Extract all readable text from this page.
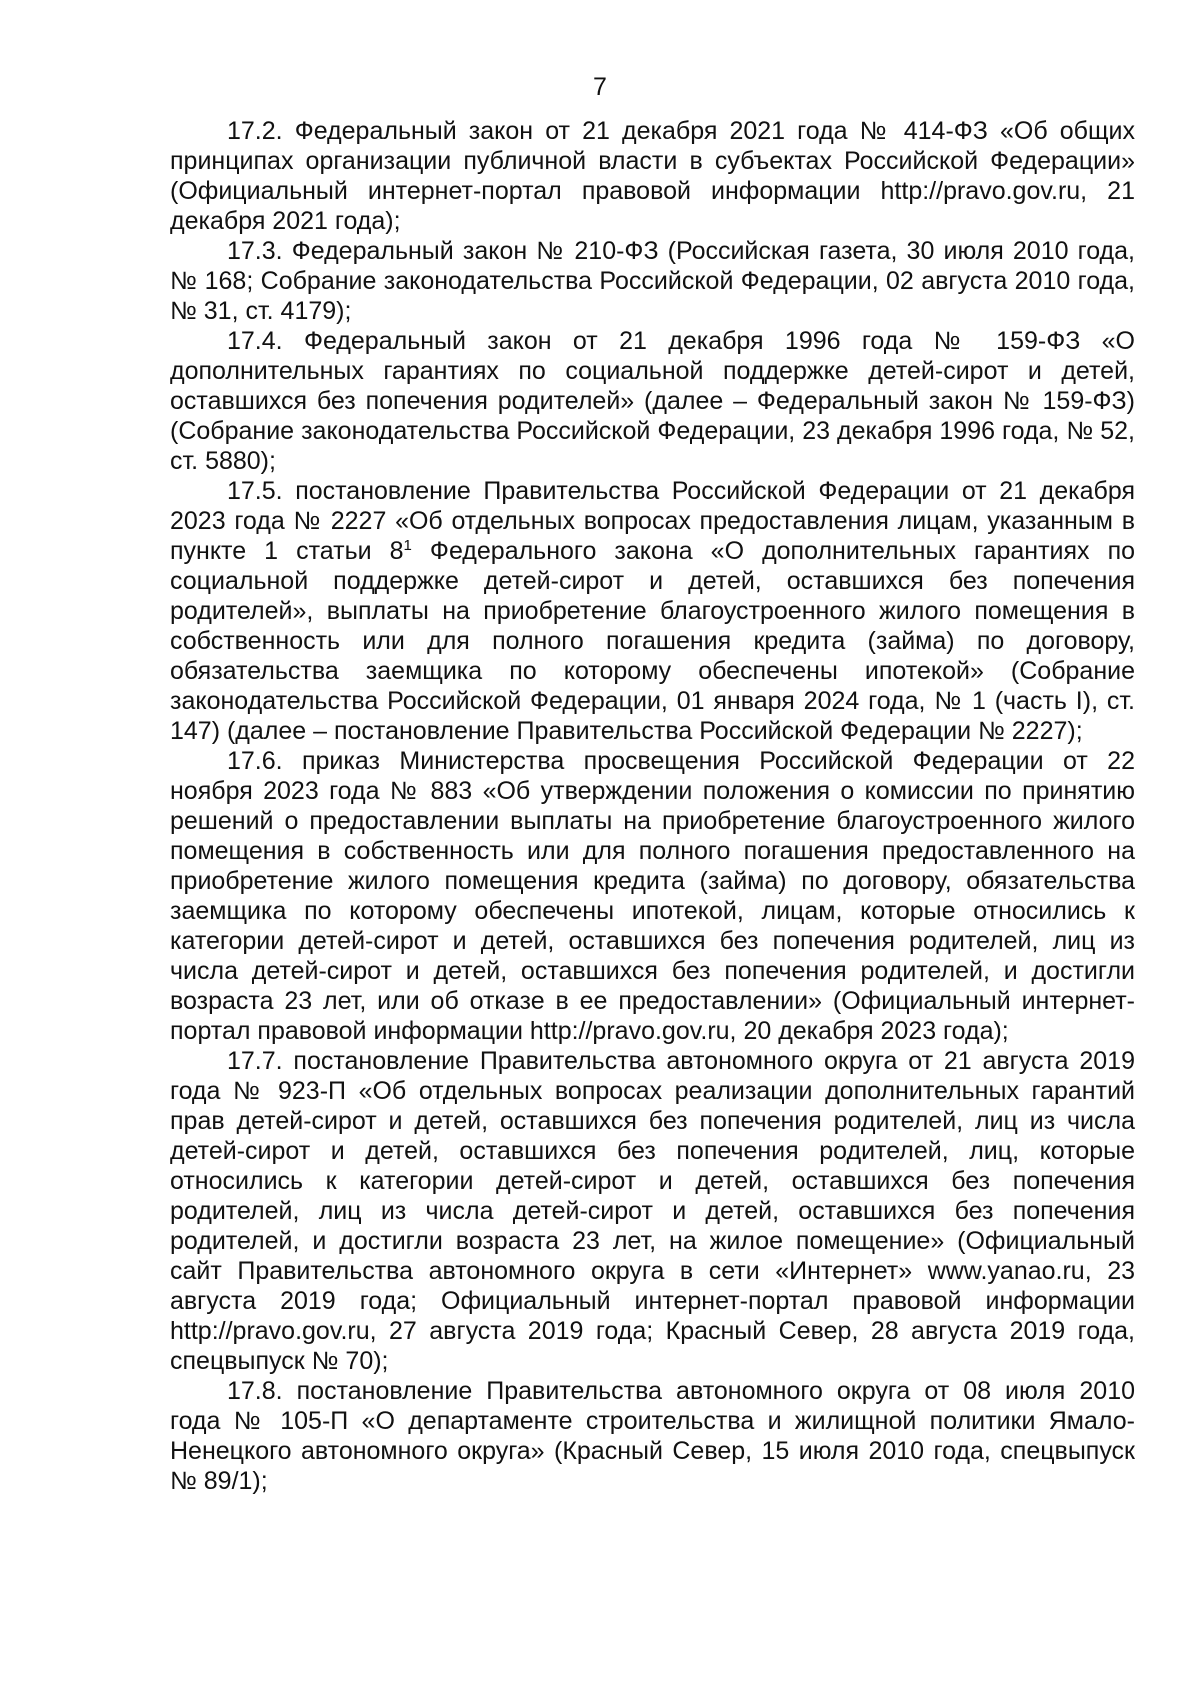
7

17.2. Федеральный закон от 21 декабря 2021 года № 414-ФЗ «Об общих принципах организации публичной власти в субъектах Российской Федерации» (Официальный интернет-портал правовой информации http://pravo.gov.ru, 21 декабря 2021 года);

17.3. Федеральный закон № 210-ФЗ (Российская газета, 30 июля 2010 года, № 168; Собрание законодательства Российской Федерации, 02 августа 2010 года, № 31, ст. 4179);

17.4. Федеральный закон от 21 декабря 1996 года № 159-ФЗ «О дополнительных гарантиях по социальной поддержке детей-сирот и детей, оставшихся без попечения родителей» (далее – Федеральный закон № 159-ФЗ) (Собрание законодательства Российской Федерации, 23 декабря 1996 года, № 52, ст. 5880);

17.5. постановление Правительства Российской Федерации от 21 декабря 2023 года № 2227 «Об отдельных вопросах предоставления лицам, указанным в пункте 1 статьи $8^1$ Федерального закона «О дополнительных гарантиях по социальной поддержке детей-сирот и детей, оставшихся без попечения родителей», выплаты на приобретение благоустроенного жилого помещения в собственность или для полного погашения кредита (займа) по договору, обязательства заемщика по которому обеспечены ипотекой» (Собрание законодательства Российской Федерации, 01 января 2024 года, № 1 (часть I), ст. 147) (далее – постановление Правительства Российской Федерации № 2227);

17.6. приказ Министерства просвещения Российской Федерации от 22 ноября 2023 года № 883 «Об утверждении положения о комиссии по принятию решений о предоставлении выплаты на приобретение благоустроенного жилого помещения в собственность или для полного погашения предоставленного на приобретение жилого помещения кредита (займа) по договору, обязательства заемщика по которому обеспечены ипотекой, лицам, которые относились к категории детей-сирот и детей, оставшихся без попечения родителей, лиц из числа детей-сирот и детей, оставшихся без попечения родителей, и достигли возраста 23 лет, или об отказе в ее предоставлении» (Официальный интернет-портал правовой информации http://pravo.gov.ru, 20 декабря 2023 года);

17.7. постановление Правительства автономного округа от 21 августа 2019 года № 923-П «Об отдельных вопросах реализации дополнительных гарантий прав детей-сирот и детей, оставшихся без попечения родителей, лиц из числа детей-сирот и детей, оставшихся без попечения родителей, лиц, которые относились к категории детей-сирот и детей, оставшихся без попечения родителей, лиц из числа детей-сирот и детей, оставшихся без попечения родителей, и достигли возраста 23 лет, на жилое помещение» (Официальный сайт Правительства автономного округа в сети «Интернет» www.yanao.ru, 23 августа 2019 года; Официальный интернет-портал правовой информации http://pravo.gov.ru, 27 августа 2019 года; Красный Север, 28 августа 2019 года, спецвыпуск № 70);

17.8. постановление Правительства автономного округа от 08 июля 2010 года № 105-П «О департаменте строительства и жилищной политики Ямало-Ненецкого автономного округа» (Красный Север, 15 июля 2010 года, спецвыпуск № 89/1);
